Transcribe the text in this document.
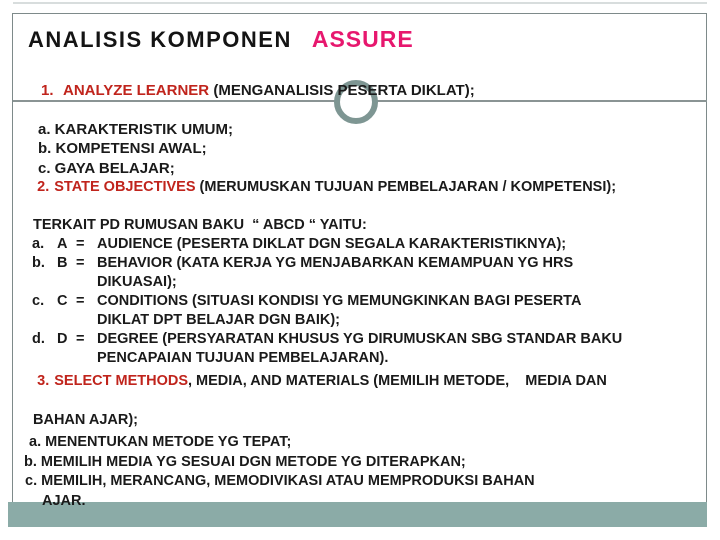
ANALISIS KOMPONEN ASSURE

1. ANALYZE LEARNER (MENGANALISIS PESERTA DIKLAT);

a. KARAKTERISTIK UMUM;
b. KOMPETENSI AWAL;
c. GAYA BELAJAR;

2. STATE OBJECTIVES (MERUMUSKAN TUJUAN PEMBELAJARAN / KOMPETENSI);

TERKAIT PD RUMUSAN BAKU  “ ABCD “ YAITU:
a. A = AUDIENCE (PESERTA DIKLAT DGN SEGALA KARAKTERISTIKNYA);
b. B = BEHAVIOR (KATA KERJA YG MENJABARKAN KEMAMPUAN YG HRS
DIKUASAI);
c. C = CONDITIONS (SITUASI KONDISI YG MEMUNGKINKAN BAGI PESERTA
DIKLAT DPT BELAJAR DGN BAIK);
d. D = DEGREE (PERSYARATAN KHUSUS YG DIRUMUSKAN SBG STANDAR BAKU
PENCAPAIAN TUJUAN PEMBELAJARAN).

3. SELECT METHODS, MEDIA, AND MATERIALS (MEMILIH METODE,    MEDIA DAN

BAHAN AJAR);
a. MENENTUKAN METODE YG TEPAT;
b. MEMILIH MEDIA YG SESUAI DGN METODE YG DITERAPKAN;
c. MEMILIH, MERANCANG, MEMODIVIKASI ATAU MEMPRODUKSI BAHAN
AJAR.
